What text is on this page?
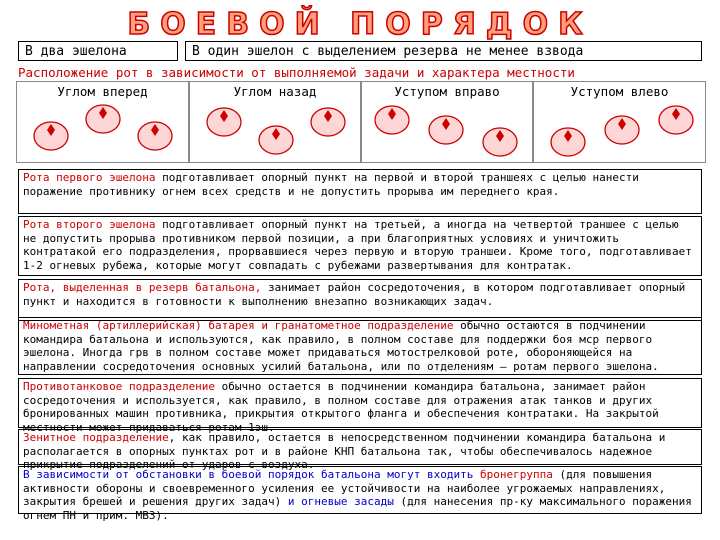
БОЕВОЙ ПОРЯДОК
В два эшелона	В один эшелон с выделением резерва не менее взвода
Расположение рот в зависимости от выполняемой задачи и характера местности
Углом вперед	Углом назад	Уступом вправо	Уступом влево
Рота первого эшелона подготавливает опорный пункт на первой и второй траншеях с целью нанести поражение противнику огнем всех средств и не допустить прорыва им переднего края.
Рота второго эшелона подготавливает опорный пункт на третьей, а иногда на четвертой траншее с целью не допустить прорыва противником первой позиции, а при благоприятных условиях и уничтожить контратакой его подразделения, прорвавшиеся через первую и вторую траншеи. Кроме того, подготавливает 1-2 огневых рубежа, которые могут совпадать с рубежами развертывания для контратак.
Рота, выделенная в резерв батальона, занимает район сосредоточения, в котором подготавливает опорный пункт и находится в готовности к выполнению внезапно возникающих задач.
Минометная (артиллерийская) батарея и гранатометное подразделение обычно остаются в подчинении командира батальона и используются, как правило, в полном составе для поддержки боя мср первого эшелона. Иногда грв в полном составе может придаваться мотострелковой роте, обороняющейся на направлении сосредоточения основных усилий батальона, или по отделениям — ротам первого эшелона.
Противотанковое подразделение обычно остается в подчинении командира батальона, занимает район сосредоточения и используется, как правило, в полном составе для отражения атак танков и других бронированных машин противника, прикрытия открытого фланга и обеспечения контратаки. На закрытой местности может придаваться ротам 1эш.
Зенитное подразделение, как правило, остается в непосредственном подчинении командира батальона и располагается в опорных пунктах рот и в районе КНП батальона так, чтобы обеспечивалось надежное прикрытие подразделений от ударов с воздуха.
В зависимости от обстановки в боевой порядок батальона могут входить бронегруппа (для повышения активности обороны и своевременного усиления ее устойчивости на наиболее угрожаемых направлениях, закрытия брешей и решения других задач) и огневые засады (для нанесения пр-ку максимального поражения огнем ПН и прим. МВЗ).
